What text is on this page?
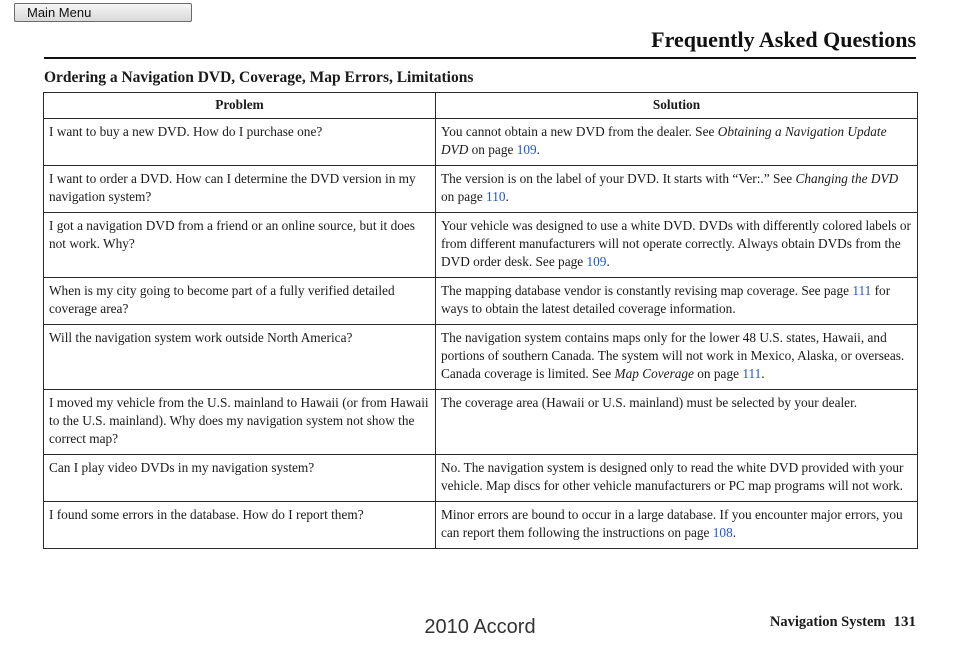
Main Menu
Frequently Asked Questions
Ordering a Navigation DVD, Coverage, Map Errors, Limitations
Problem	Solution
I want to buy a new DVD. How do I purchase one?	You cannot obtain a new DVD from the dealer. See Obtaining a Navigation Update DVD on page 109.
I want to order a DVD. How can I determine the DVD version in my navigation system?	The version is on the label of your DVD. It starts with “Ver:.” See Changing the DVD on page 110.
I got a navigation DVD from a friend or an online source, but it does not work. Why?	Your vehicle was designed to use a white DVD. DVDs with differently colored labels or from different manufacturers will not operate correctly. Always obtain DVDs from the DVD order desk. See page 109.
When is my city going to become part of a fully verified detailed coverage area?	The mapping database vendor is constantly revising map coverage. See page 111 for ways to obtain the latest detailed coverage information.
Will the navigation system work outside North America?	The navigation system contains maps only for the lower 48 U.S. states, Hawaii, and portions of southern Canada. The system will not work in Mexico, Alaska, or overseas. Canada coverage is limited. See Map Coverage on page 111.
I moved my vehicle from the U.S. mainland to Hawaii (or from Hawaii to the U.S. mainland). Why does my navigation system not show the correct map?	The coverage area (Hawaii or U.S. mainland) must be selected by your dealer.
Can I play video DVDs in my navigation system?	No. The navigation system is designed only to read the white DVD provided with your vehicle. Map discs for other vehicle manufacturers or PC map programs will not work.
I found some errors in the database. How do I report them?	Minor errors are bound to occur in a large database. If you encounter major errors, you can report them following the instructions on page 108.
Navigation System 131
2010 Accord
